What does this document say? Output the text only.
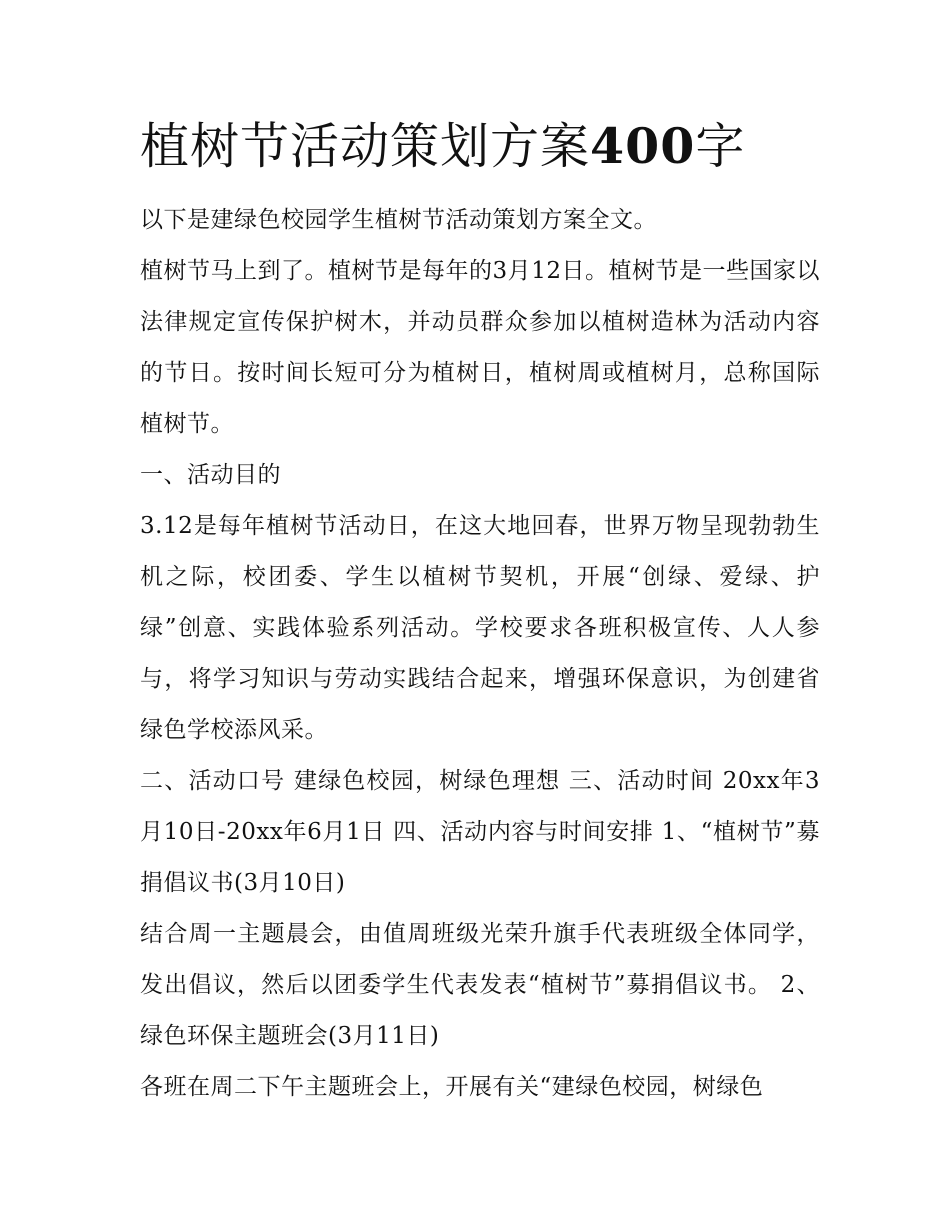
植树节活动策划方案400字

以下是建绿色校园学生植树节活动策划方案全文。

植树节马上到了。植树节是每年的3月12日。植树节是一些国家以法律规定宣传保护树木，并动员群众参加以植树造林为活动内容的节日。按时间长短可分为植树日，植树周或植树月，总称国际植树节。

一、活动目的

3.12是每年植树节活动日，在这大地回春，世界万物呈现勃勃生机之际，校团委、学生以植树节契机，开展“创绿、爱绿、护绿”创意、实践体验系列活动。学校要求各班积极宣传、人人参与，将学习知识与劳动实践结合起来，增强环保意识，为创建省绿色学校添风采。

二、活动口号 建绿色校园，树绿色理想 三、活动时间 20xx年3月10日-20xx年6月1日 四、活动内容与时间安排 1、“植树节”募捐倡议书(3月10日)

结合周一主题晨会，由值周班级光荣升旗手代表班级全体同学，发出倡议，然后以团委学生代表发表“植树节”募捐倡议书。 2、 绿色环保主题班会(3月11日)

各班在周二下午主题班会上，开展有关“建绿色校园，树绿色
